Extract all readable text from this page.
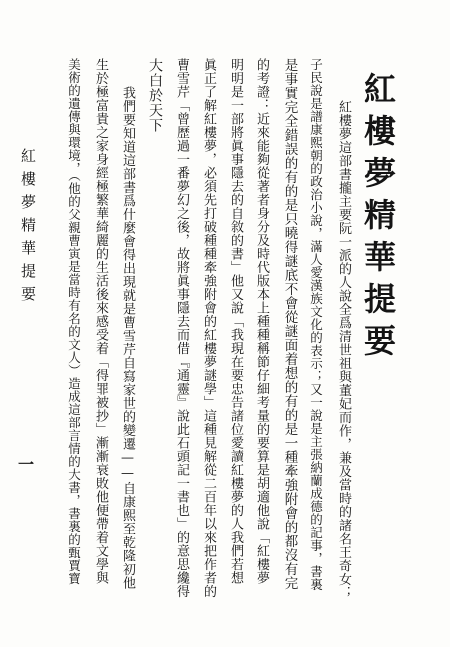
紅樓夢精華提要
紅樓夢這部書攏主要阮一派的人說全爲清世祖與董妃而作，兼及當時的諸名王奇女；
子民說是譜康熙朝的政治小說，滿人愛漢族文化的表示；又一說是主張納蘭成德的記事，書裏
是事實完全錯誤的有的是只曉得謎底不會從謎面着想的有的是一種牽強附會的都沒有完
的考證：近來能夠從著者身分及時代版本上種種稱節仔細考量的要算是胡適他說「紅樓夢
明明是一部將眞事隱去的自敘的書」他又說「我現在要忠告諸位愛讀紅樓夢的人我們若想
眞正了解紅樓夢，必須先打破種種牽強附會的紅樓夢謎學」這種見解從二百年以來把作者的
曹雪芹「曾歷過一番夢幻之後，故將眞事隱去而借『通靈』說此石頭記一書也」的意思纔得
大白於天下
我們要知道這部書爲什麼會得出現就是曹雪芹自寫家世的變遷——自康熙至乾隆初他
生於極富貴之家身經極繁華綺麗的生活後來感受着「得罪被抄」漸漸衰敗他便帶着文學與
美術的遺傳與環境，（他的父親曹寅是當時有名的文人）造成這部言情的大書，書裏的甄賈寶
紅樓夢精華提要
一
